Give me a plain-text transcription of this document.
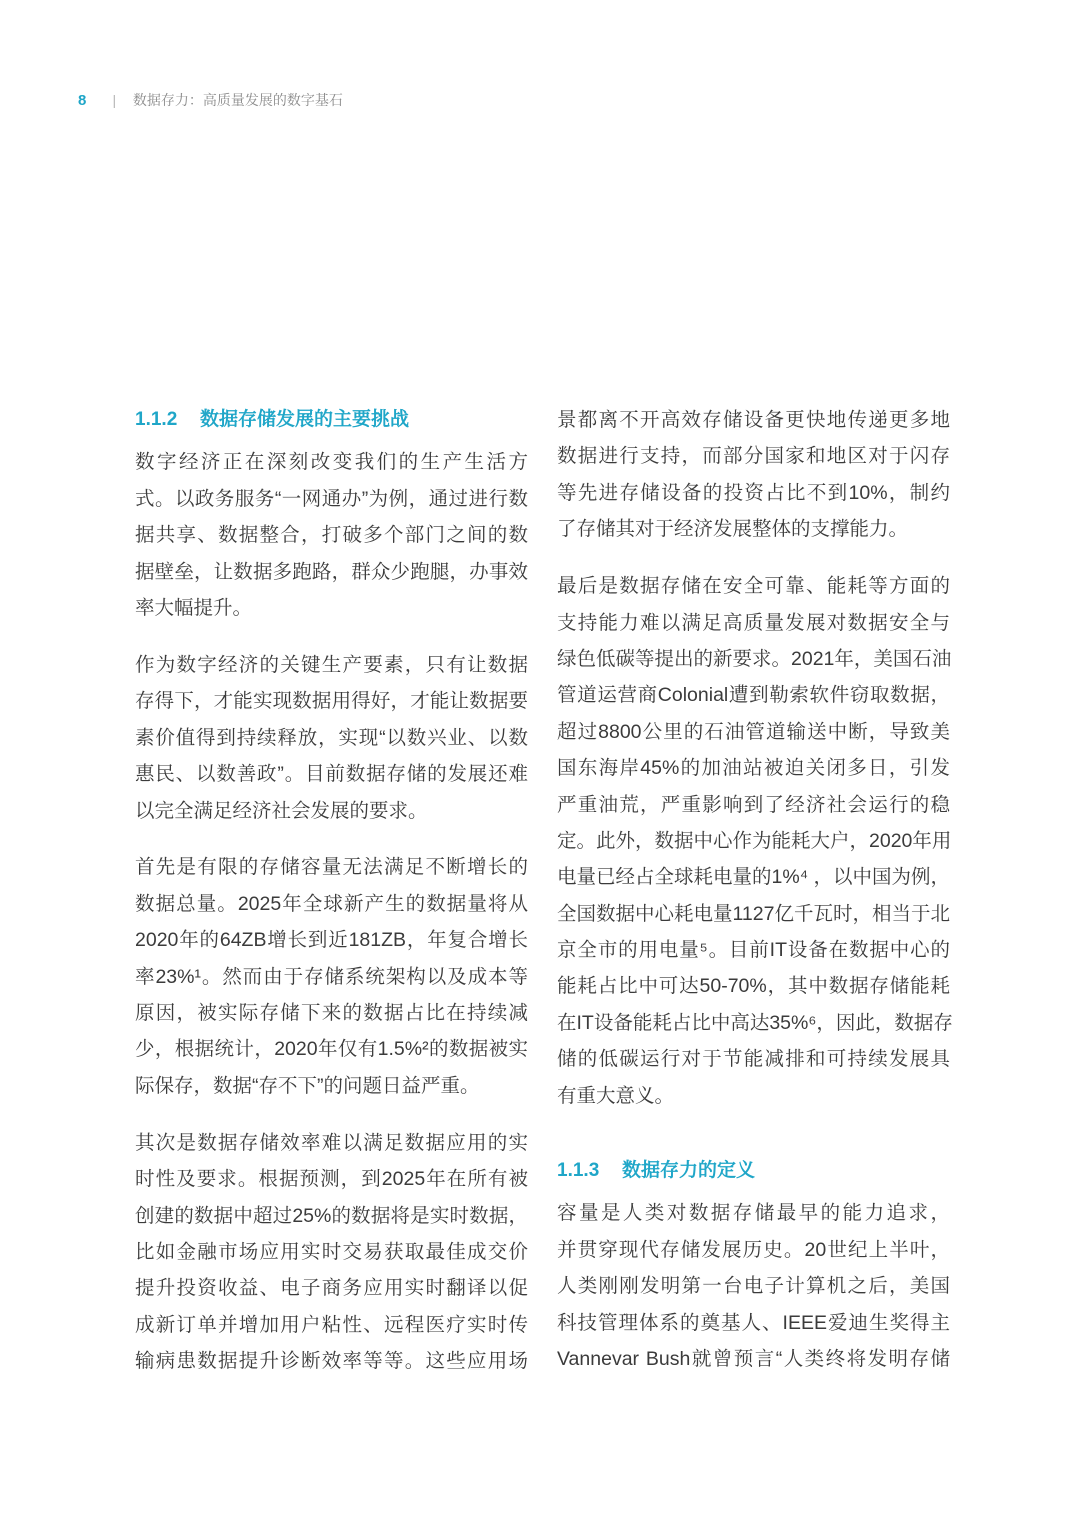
8 | 数据存力：高质量发展的数字基石
1.1.2 数据存储发展的主要挑战
数字经济正在深刻改变我们的生产生活方
式。以政务服务“一网通办”为例，通过进行数
据共享、数据整合，打破多个部门之间的数
据壁垒，让数据多跑路，群众少跑腿，办事效
率大幅提升。
作为数字经济的关键生产要素，只有让数据
存得下，才能实现数据用得好，才能让数据要
素价值得到持续释放，实现“以数兴业、以数
惠民、以数善政”。目前数据存储的发展还难
以完全满足经济社会发展的要求。
首先是有限的存储容量无法满足不断增长的
数据总量。2025年全球新产生的数据量将从
2020年的64ZB增长到近181ZB，年复合增长
率23%¹。然而由于存储系统架构以及成本等
原因，被实际存储下来的数据占比在持续减
少，根据统计，2020年仅有1.5%²的数据被实
际保存，数据“存不下”的问题日益严重。
其次是数据存储效率难以满足数据应用的实
时性及要求。根据预测，到2025年在所有被
创建的数据中超过25%的数据将是实时数据，
比如金融市场应用实时交易获取最佳成交价
提升投资收益、电子商务应用实时翻译以促
成新订单并增加用户粘性、远程医疗实时传
输病患数据提升诊断效率等等。这些应用场
景都离不开高效存储设备更快地传递更多地
数据进行支持，而部分国家和地区对于闪存
等先进存储设备的投资占比不到10%，制约
了存储其对于经济发展整体的支撑能力。
最后是数据存储在安全可靠、能耗等方面的
支持能力难以满足高质量发展对数据安全与
绿色低碳等提出的新要求。2021年，美国石油
管道运营商Colonial遭到勒索软件窃取数据，
超过8800公里的石油管道输送中断，导致美
国东海岸45%的加油站被迫关闭多日，引发
严重油荒，严重影响到了经济社会运行的稳
定。此外，数据中心作为能耗大户，2020年用
电量已经占全球耗电量的1%⁴ ，以中国为例，
全国数据中心耗电量1127亿千瓦时，相当于北
京全市的用电量⁵。目前IT设备在数据中心的
能耗占比中可达50-70%，其中数据存储能耗
在IT设备能耗占比中高达35%⁶，因此，数据存
储的低碳运行对于节能减排和可持续发展具
有重大意义。
1.1.3 数据存力的定义
容量是人类对数据存储最早的能力追求，
并贯穿现代存储发展历史。20世纪上半叶，
人类刚刚发明第一台电子计算机之后，美国
科技管理体系的奠基人、IEEE爱迪生奖得主
Vannevar Bush就曾预言“人类终将发明存储
